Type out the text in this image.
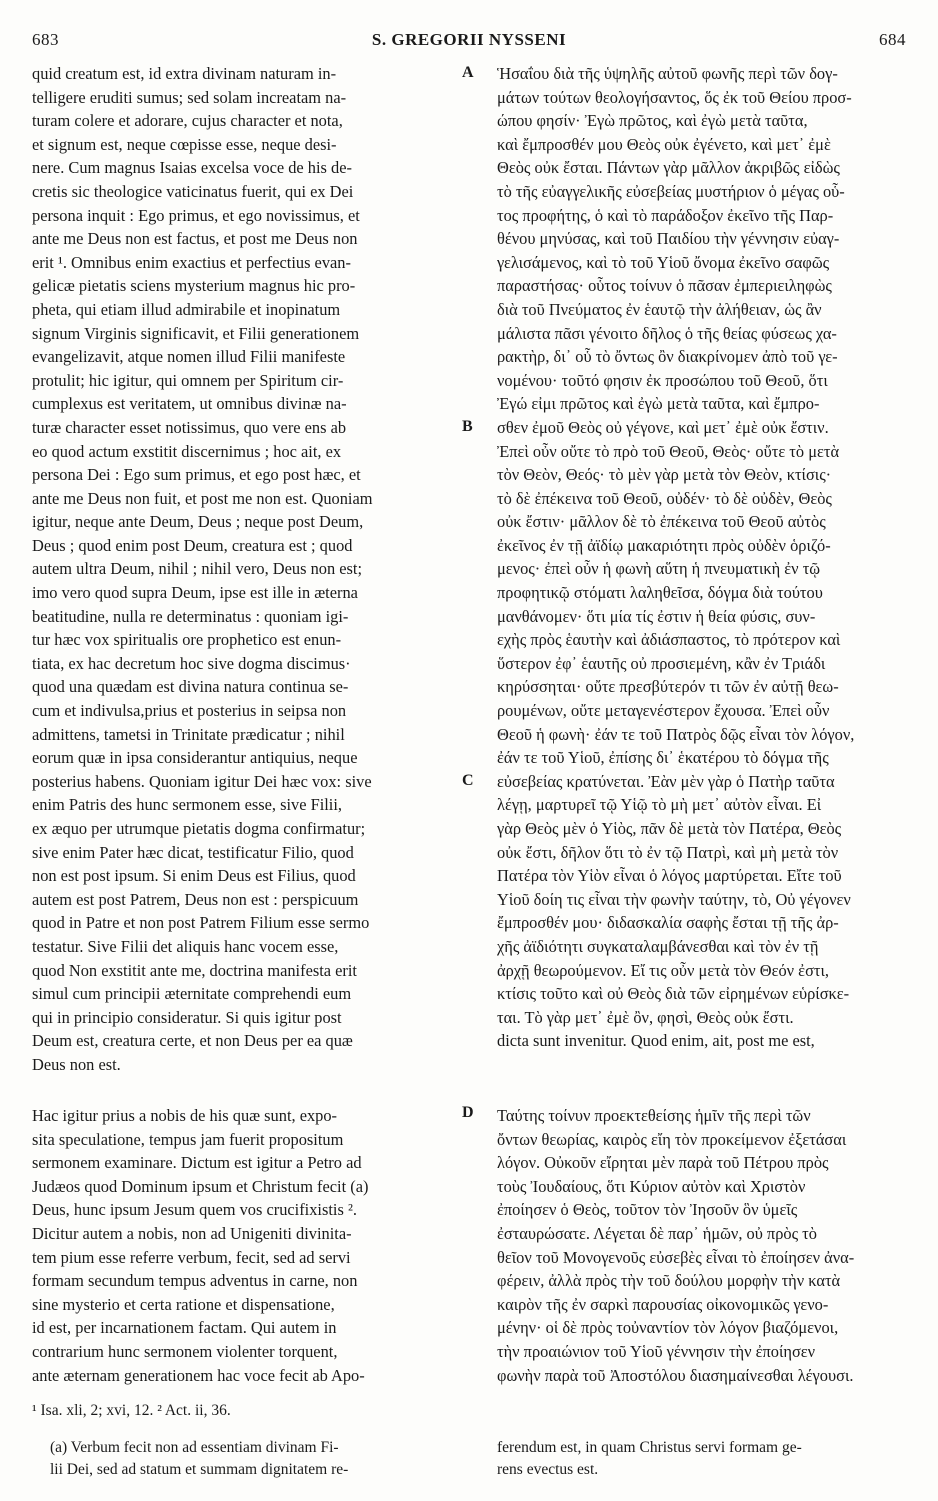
683	S. GREGORII NYSSENI	684
quid creatum est, id extra divinam naturam in-
telligere eruditi sumus; sed solam increatam na-
turam colere et adorare, cujus character et nota,
et signum est, neque cœpisse esse, neque desi-
nere. Cum magnus Isaias excelsa voce de his de-
cretis sic theologice vaticinatus fuerit, qui ex Dei
persona inquit : Ego primus, et ego novissimus, et
ante me Deus non est factus, et post me Deus non
erit ¹. Omnibus enim exactius et perfectius evan-
gelicæ pietatis sciens mysterium magnus hic pro-
pheta, qui etiam illud admirabile et inopinatum
signum Virginis significavit, et Filii generationem
evangelizavit, atque nomen illud Filii manifeste
protulit; hic igitur, qui omnem per Spiritum cir-
cumplexus est veritatem, ut omnibus divinæ na-
turæ character esset notissimus, quo vere ens ab
eo quod actum exstitit discernimus ; hoc ait, ex
persona Dei : Ego sum primus, et ego post hæc, et
ante me Deus non fuit, et post me non est. Quoniam
igitur, neque ante Deum, Deus ; neque post Deum,
Deus ; quod enim post Deum, creatura est ; quod
autem ultra Deum, nihil ; nihil vero, Deus non est;
imo vero quod supra Deum, ipse est ille in æterna
beatitudine, nulla re determinatus : quoniam igi-
tur hæc vox spiritualis ore prophetico est enun-
tiata, ex hac decretum hoc sive dogma discimus·
quod una quædam est divina natura continua se-
cum et indivulsa,prius et posterius in seipsa non
admittens, tametsi in Trinitate prædicatur ; nihil
eorum quæ in ipsa considerantur antiquius, neque
posterius habens. Quoniam igitur Dei hæc vox: sive
enim Patris des hunc sermonem esse, sive Filii,
ex æquo per utrumque pietatis dogma confirmatur;
sive enim Pater hæc dicat, testificatur Filio, quod
non est post ipsum. Si enim Deus est Filius, quod
autem est post Patrem, Deus non est : perspicuum
quod in Patre et non post Patrem Filium esse sermo
testatur. Sive Filii det aliquis hanc vocem esse,
quod Non exstitit ante me, doctrina manifesta erit
simul cum principii æternitate comprehendi eum
qui in principio consideratur. Si quis igitur post
Deum est, creatura certe, et non Deus per ea quæ
Deus non est.
Ἡσαΐου διὰ τῆς ὑψηλῆς αὐτοῦ φωνῆς περὶ τῶν δογ-
μάτων τούτων θεολογήσαντος, ὅς ἐκ τοῦ Θείου προσ-
ώπου φησίν· Ἐγὼ πρῶτος, καὶ ἐγὼ μετὰ ταῦτα,
καὶ ἔμπροσθέν μου Θεὸς οὐκ ἐγένετο, καὶ μετ᾽ ἐμὲ
Θεὸς οὐκ ἔσται. Πάντων γὰρ μᾶλλον ἀκριβῶς εἰδὼς
τὸ τῆς εὐαγγελικῆς εὐσεβείας μυστήριον ὁ μέγας οὗ-
τος προφήτης, ὁ καὶ τὸ παράδοξον ἐκεῖνο τῆς Παρ-
θένου μηνύσας, καὶ τοῦ Παιδίου τὴν γέννησιν εὐαγ-
γελισάμενος, καὶ τὸ τοῦ Υἱοῦ ὄνομα ἐκεῖνο σαφῶς
παραστήσας· οὗτος τοίνυν ὁ πᾶσαν ἐμπεριειληφὼς
διὰ τοῦ Πνεύματος ἐν ἑαυτῷ τὴν ἀλήθειαν, ὡς ἂν
μάλιστα πᾶσι γένοιτο δῆλος ὁ τῆς θείας φύσεως χα-
ρακτὴρ, δι᾽ οὗ τὸ ὄντως ὂν διακρίνομεν ἀπὸ τοῦ γε-
νομένου· τοῦτό φησιν ἐκ προσώπου τοῦ Θεοῦ, ὅτι
Ἐγώ εἰμι πρῶτος καὶ ἐγὼ μετὰ ταῦτα, καὶ ἔμπρο-
σθεν ἐμοῦ Θεὸς οὐ γέγονε, καὶ μετ᾽ ἐμὲ οὐκ ἔστιν.
Ἐπεὶ οὖν οὔτε τὸ πρὸ τοῦ Θεοῦ, Θεὸς· οὔτε τὸ μετὰ
τὸν Θεὸν, Θεός· τὸ μὲν γὰρ μετὰ τὸν Θεὸν, κτίσις·
τὸ δὲ ἐπέκεινα τοῦ Θεοῦ, οὐδέν· τὸ δὲ οὐδὲν, Θεὸς
οὐκ ἔστιν· μᾶλλον δὲ τὸ ἐπέκεινα τοῦ Θεοῦ αὐτὸς
ἐκεῖνος ἐν τῇ ἀϊδίῳ μακαριότητι πρὸς οὐδὲν ὁριζό-
μενος· ἐπεὶ οὖν ἡ φωνὴ αὕτη ἡ πνευματικὴ ἐν τῷ
προφητικῷ στόματι λαληθεῖσα, δόγμα διὰ τούτου
μανθάνομεν· ὅτι μία τίς ἐστιν ἡ θεία φύσις, συν-
εχὴς πρὸς ἑαυτὴν καὶ ἀδιάσπαστος, τὸ πρότερον καὶ
ὕστερον ἐφ᾽ ἑαυτῆς οὐ προσιεμένη, κἂν ἐν Τριάδι
κηρύσσηται· οὔτε πρεσβύτερόν τι τῶν ἐν αὐτῇ θεω-
ρουμένων, οὔτε μεταγενέστερον ἔχουσα. Ἐπεὶ οὖν
Θεοῦ ἡ φωνὴ· ἐάν τε τοῦ Πατρὸς δῷς εἶναι τὸν λόγον,
ἐάν τε τοῦ Υἱοῦ, ἐπίσης δι᾽ ἑκατέρου τὸ δόγμα τῆς
εὐσεβείας κρατύνεται. Ἐὰν μὲν γὰρ ὁ Πατὴρ ταῦτα
λέγῃ, μαρτυρεῖ τῷ Υἱῷ τὸ μὴ μετ᾽ αὐτὸν εἶναι. Εἰ
γὰρ Θεὸς μὲν ὁ Υἱὸς, πᾶν δὲ μετὰ τὸν Πατέρα, Θεὸς
οὐκ ἔστι, δῆλον ὅτι τὸ ἐν τῷ Πατρὶ, καὶ μὴ μετὰ τὸν
Πατέρα τὸν Υἱὸν εἶναι ὁ λόγος μαρτύρεται. Εἴτε τοῦ
Υἱοῦ δοίη τις εἶναι τὴν φωνὴν ταύτην, τὸ, Οὐ γέγονεν
ἔμπροσθέν μου· διδασκαλία σαφὴς ἔσται τῇ τῆς ἀρ-
χῆς ἀϊδιότητι συγκαταλαμβάνεσθαι καὶ τὸν ἐν τῇ
ἀρχῇ θεωρούμενον. Εἴ τις οὖν μετὰ τὸν Θεόν ἐστι,
κτίσις τοῦτο καὶ οὐ Θεὸς διὰ τῶν εἰρημένων εὑρίσκε-
ται. Τὸ γὰρ μετ᾽ ἐμὲ ὂν, φησὶ, Θεὸς οὐκ ἔστι.
dicta sunt invenitur. Quod enim, ait, post me est,
A
B
C
D
Hac igitur prius a nobis de his quæ sunt, expo-
sita speculatione, tempus jam fuerit propositum
sermonem examinare. Dictum est igitur a Petro ad
Judæos quod Dominum ipsum et Christum fecit (a)
Deus, hunc ipsum Jesum quem vos crucifixistis ².
Dicitur autem a nobis, non ad Unigeniti divinita-
tem pium esse referre verbum, fecit, sed ad servi
formam secundum tempus adventus in carne, non
sine mysterio et certa ratione et dispensatione,
id est, per incarnationem factam. Qui autem in
contrarium hunc sermonem violenter torquent,
ante æternam generationem hac voce fecit ab Apo-
Ταύτης τοίνυν προεκτεθείσης ἡμῖν τῆς περὶ τῶν
ὄντων θεωρίας, καιρὸς εἴη τὸν προκείμενον ἐξετάσαι
λόγον. Οὐκοῦν εἴρηται μὲν παρὰ τοῦ Πέτρου πρὸς
τοὺς Ἰουδαίους, ὅτι Κύριον αὐτὸν καὶ Χριστὸν
ἐποίησεν ὁ Θεὸς, τοῦτον τὸν Ἰησοῦν ὃν ὑμεῖς
ἐσταυρώσατε. Λέγεται δὲ παρ᾽ ἡμῶν, οὐ πρὸς τὸ
θεῖον τοῦ Μονογενοῦς εὐσεβὲς εἶναι τὸ ἐποίησεν ἀνα-
φέρειν, ἀλλὰ πρὸς τὴν τοῦ δούλου μορφὴν τὴν κατὰ
καιρὸν τῆς ἐν σαρκὶ παρουσίας οἰκονομικῶς γενο-
μένην· οἱ δὲ πρὸς τοὐναντίον τὸν λόγον βιαζόμενοι,
τὴν προαιώνιον τοῦ Υἱοῦ γέννησιν τὴν ἐποίησεν
φωνὴν παρὰ τοῦ Ἀποστόλου διασημαίνεσθαι λέγουσι.
¹ Isa. xli, 2; xvi, 12. ² Act. ii, 36.
(a) Verbum fecit non ad essentiam divinam Fi-
lii Dei, sed ad statum et summam dignitatem re-
ferendum est, in quam Christus servi formam ge-
rens evectus est.
